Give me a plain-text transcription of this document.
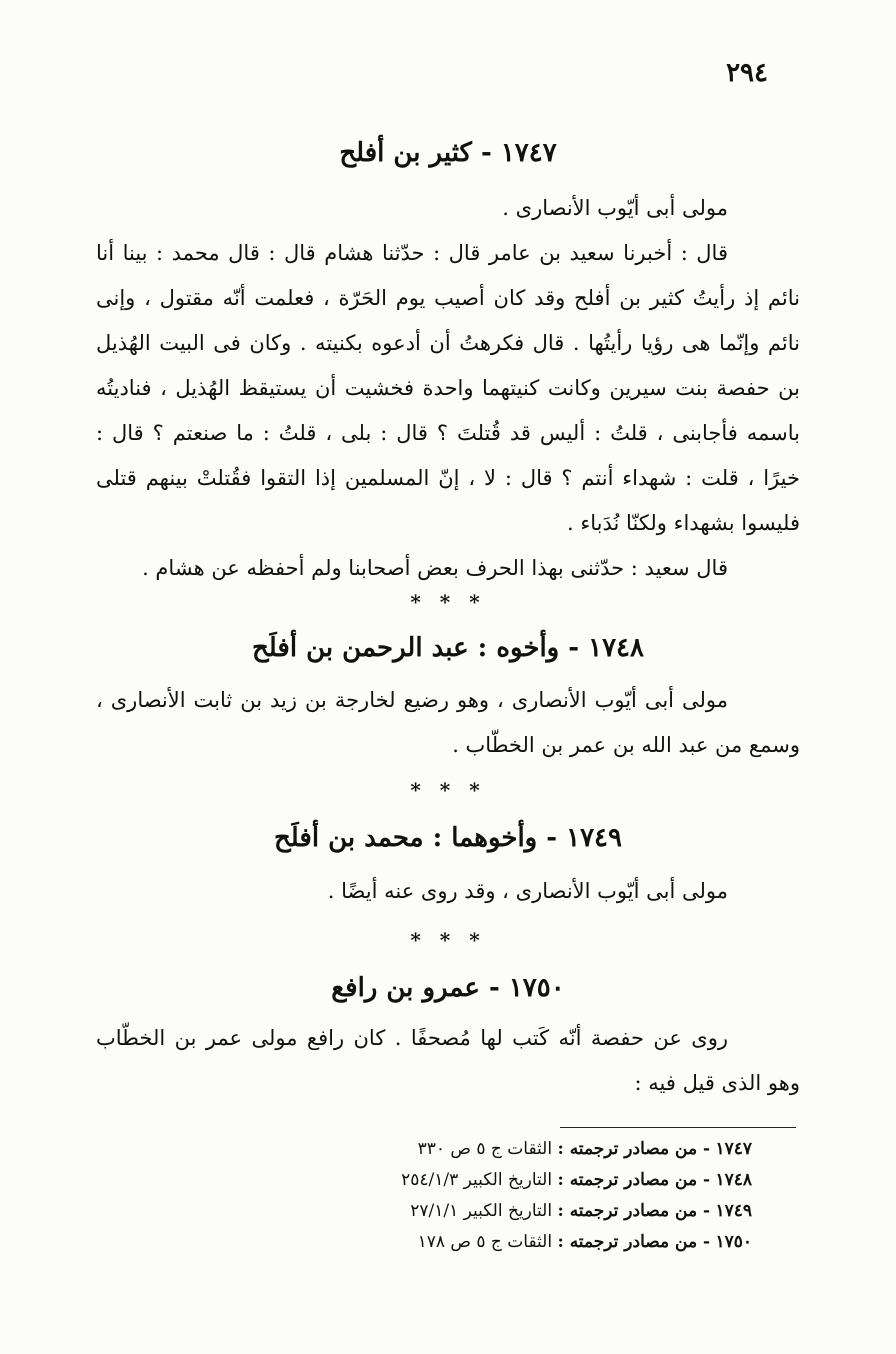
٢٩٤
١٧٤٧ - كثير بن أفلح

مولى أبى أيّوب الأنصارى .

قال : أخبرنا سعيد بن عامر قال : حدّثنا هشام قال : قال محمد : بينا أنا نائم إذ رأيتُ كثير بن أفلح وقد كان أصيب يوم الحَرّة ، فعلمت أنّه مقتول ، وإنى نائم وإنّما هى رؤيا رأيتُها . قال فكرهتُ أن أدعوه بكنيته . وكان فى البيت الهُذيل بن حفصة بنت سيرين وكانت كنيتهما واحدة فخشيت أن يستيقظ الهُذيل ، فناديتُه باسمه فأجابنى ، قلتُ : أليس قد قُتلتَ ؟ قال : بلى ، قلتُ : ما صنعتم ؟ قال : خيرًا ، قلت : شهداء أنتم ؟ قال : لا ، إنّ المسلمين إذا التقوا فقُتلتْ بينهم قتلى فليسوا بشهداء ولكنّا نُدَباء .

قال سعيد : حدّثنى بهذا الحرف بعض أصحابنا ولم أحفظه عن هشام .

* * *
١٧٤٨ - وأخوه : عبد الرحمن بن أفلَح

مولى أبى أيّوب الأنصارى ، وهو رضيع لخارجة بن زيد بن ثابت الأنصارى ، وسمع من عبد الله بن عمر بن الخطّاب .

* * *
١٧٤٩ - وأخوهما : محمد بن أفلَح

مولى أبى أيّوب الأنصارى ، وقد روى عنه أيضًا .

* * *
١٧٥٠ - عمرو بن رافع

روى عن حفصة أنّه كَتب لها مُصحفًا . كان رافع مولى عمر بن الخطّاب وهو الذى قيل فيه :

١٧٤٧ - من مصادر ترجمته : الثقات ج ٥ ص ٣٣٠
١٧٤٨ - من مصادر ترجمته : التاريخ الكبير ٢٥٤/١/٣
١٧٤٩ - من مصادر ترجمته : التاريخ الكبير ٢٧/١/١
١٧٥٠ - من مصادر ترجمته : الثقات ج ٥ ص ١٧٨
